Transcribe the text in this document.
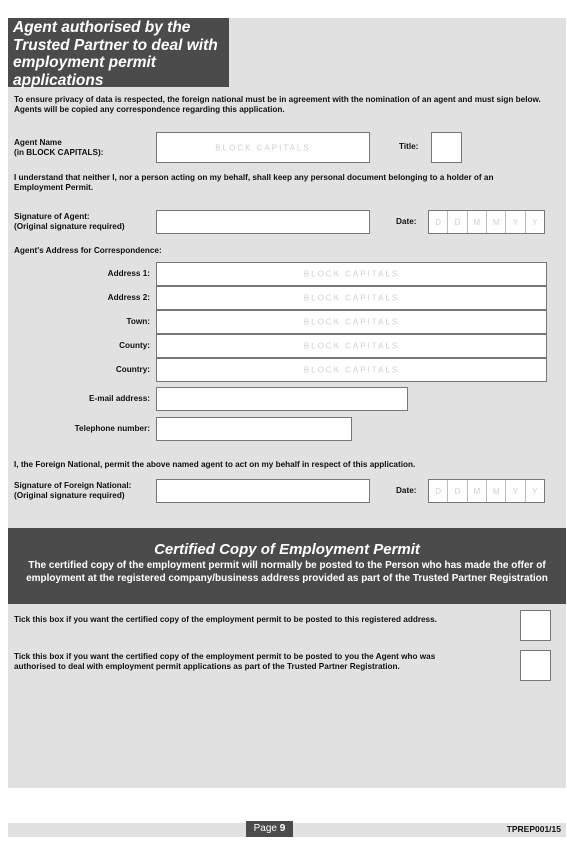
Agent authorised by the Trusted Partner to deal with employment permit applications
To ensure privacy of data is respected, the foreign national must be in agreement with the nomination of an agent and must sign below. Agents will be copied any correspondence regarding this application.
Agent Name
(in BLOCK CAPITALS):
BLOCK CAPITALS	Title:
I understand that neither I, nor a person acting on my behalf, shall keep any personal document belonging to a holder of an Employment Permit.
Signature of Agent:
(Original signature required)
Date:	D	D	M	M	Y	Y
Agent's Address for Correspondence:
Address 1:	BLOCK CAPITALS
Address 2:	BLOCK CAPITALS
Town:	BLOCK CAPITALS
County:	BLOCK CAPITALS
Country:	BLOCK CAPITALS
E-mail address:
Telephone number:
I, the Foreign National, permit the above named agent to act on my behalf in respect of this application.
Signature of Foreign National:
(Original signature required)
Date:	D	D	M	M	Y	Y
Certified Copy of Employment Permit
The certified copy of the employment permit will normally be posted to the Person who has made the offer of employment at the registered company/business address provided as part of the Trusted Partner Registration
Tick this box if you want the certified copy of the employment permit to be posted to this registered address.
Tick this box if you want the certified copy of the employment permit to be posted to you the Agent who was authorised to deal with employment permit applications as part of the Trusted Partner Registration.
Page 9	TPREP001/15
